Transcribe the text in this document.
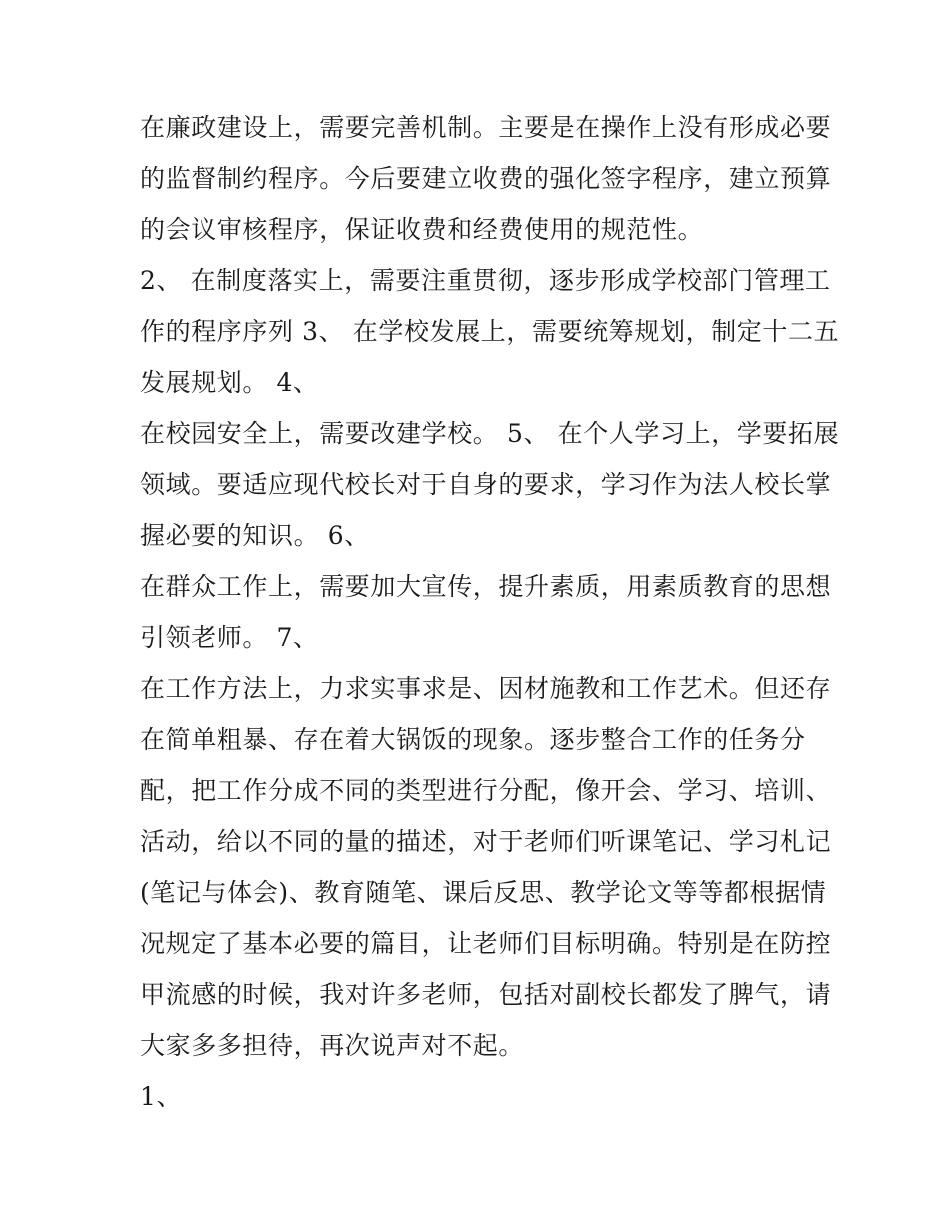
在廉政建设上，需要完善机制。主要是在操作上没有形成必要
的监督制约程序。今后要建立收费的强化签字程序，建立预算
的会议审核程序，保证收费和经费使用的规范性。
2、 在制度落实上，需要注重贯彻，逐步形成学校部门管理工
作的程序序列 3、 在学校发展上，需要统筹规划，制定十二五
发展规划。 4、
在校园安全上，需要改建学校。 5、 在个人学习上，学要拓展
领域。要适应现代校长对于自身的要求，学习作为法人校长掌
握必要的知识。 6、
在群众工作上，需要加大宣传，提升素质，用素质教育的思想
引领老师。 7、
在工作方法上，力求实事求是、因材施教和工作艺术。但还存
在简单粗暴、存在着大锅饭的现象。逐步整合工作的任务分
配，把工作分成不同的类型进行分配，像开会、学习、培训、
活动，给以不同的量的描述，对于老师们听课笔记、学习札记
(笔记与体会)、教育随笔、课后反思、教学论文等等都根据情
况规定了基本必要的篇目，让老师们目标明确。特别是在防控
甲流感的时候，我对许多老师，包括对副校长都发了脾气，请
大家多多担待，再次说声对不起。
1、
